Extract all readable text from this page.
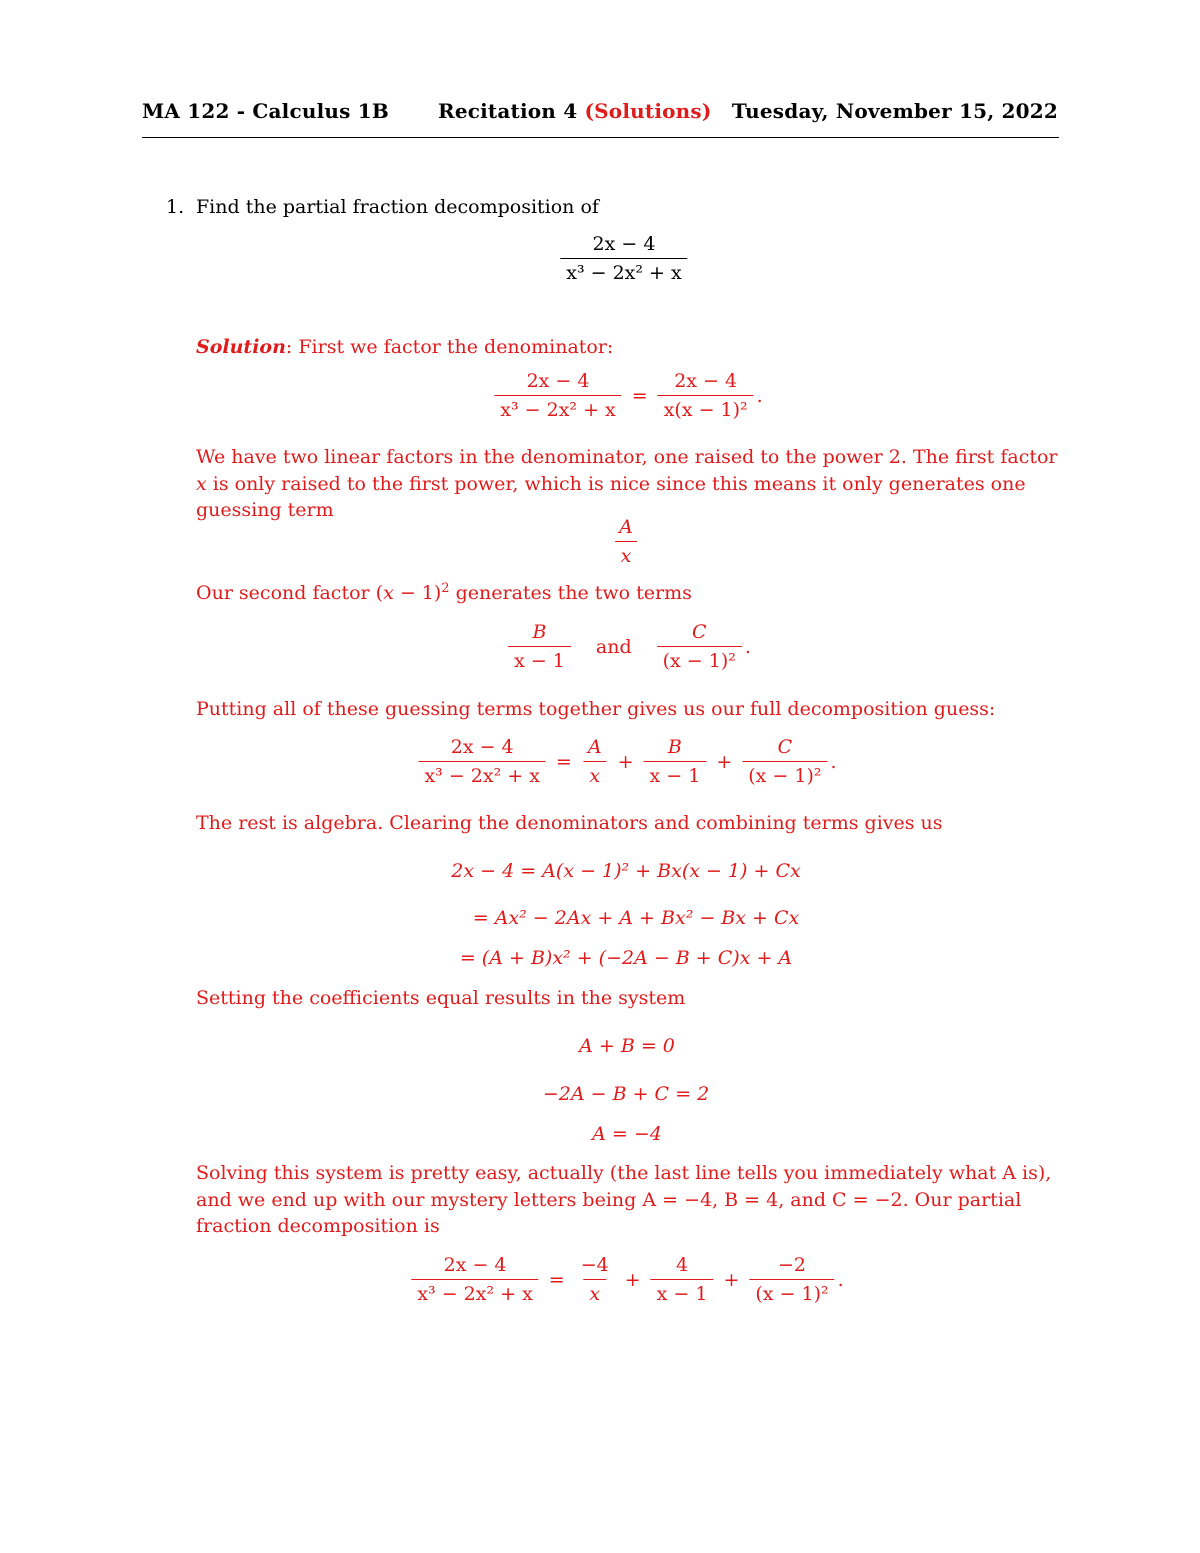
MA 122 - Calculus 1B Recitation 4 (Solutions) Tuesday, November 15, 2022
1. Find the partial fraction decomposition of
$\frac{2x - 4}{\text{x³ − 2x² + x}}$
Solution: First we factor the denominator:
$\frac{2x - 4}{\text{x³ − 2x² + x}} = \frac{2x - 4}{\text{x(x − 1)²}}$ .
We have two linear factors in the denominator, one raised to the power 2. The first factor x is only raised to the first power, which is nice since this means it only generates one guessing term
$\frac{A}{x}$
Our second factor $(x - 1)^2$ generates the two terms
$\frac{B}{x - 1}$ and $\frac{C}{\text{(x − 1)²}}$ .
Putting all of these guessing terms together gives us our full decomposition guess:
$\frac{2x - 4}{\text{x³ − 2x² + x}} = \frac{A}{x} + \frac{B}{x - 1} + \frac{C}{\text{(x − 1)²}}$ .
The rest is algebra. Clearing the denominators and combining terms gives us
2x − 4 = A(x − 1)² + Bx(x − 1) + Cx
= Ax² − 2Ax + A + Bx² − Bx + Cx
= (A + B)x² + (−2A − B + C)x + A
Setting the coefficients equal results in the system
A + B = 0
−2A − B + C = 2
A = −4
Solving this system is pretty easy, actually (the last line tells you immediately what A is), and we end up with our mystery letters being A = −4, B = 4, and C = −2. Our partial fraction decomposition is
$\frac{2x - 4}{\text{x³ − 2x² + x}} = \frac{-4}{x} + \frac{4}{x - 1} + \frac{-2}{\text{(x − 1)²}}$ .
